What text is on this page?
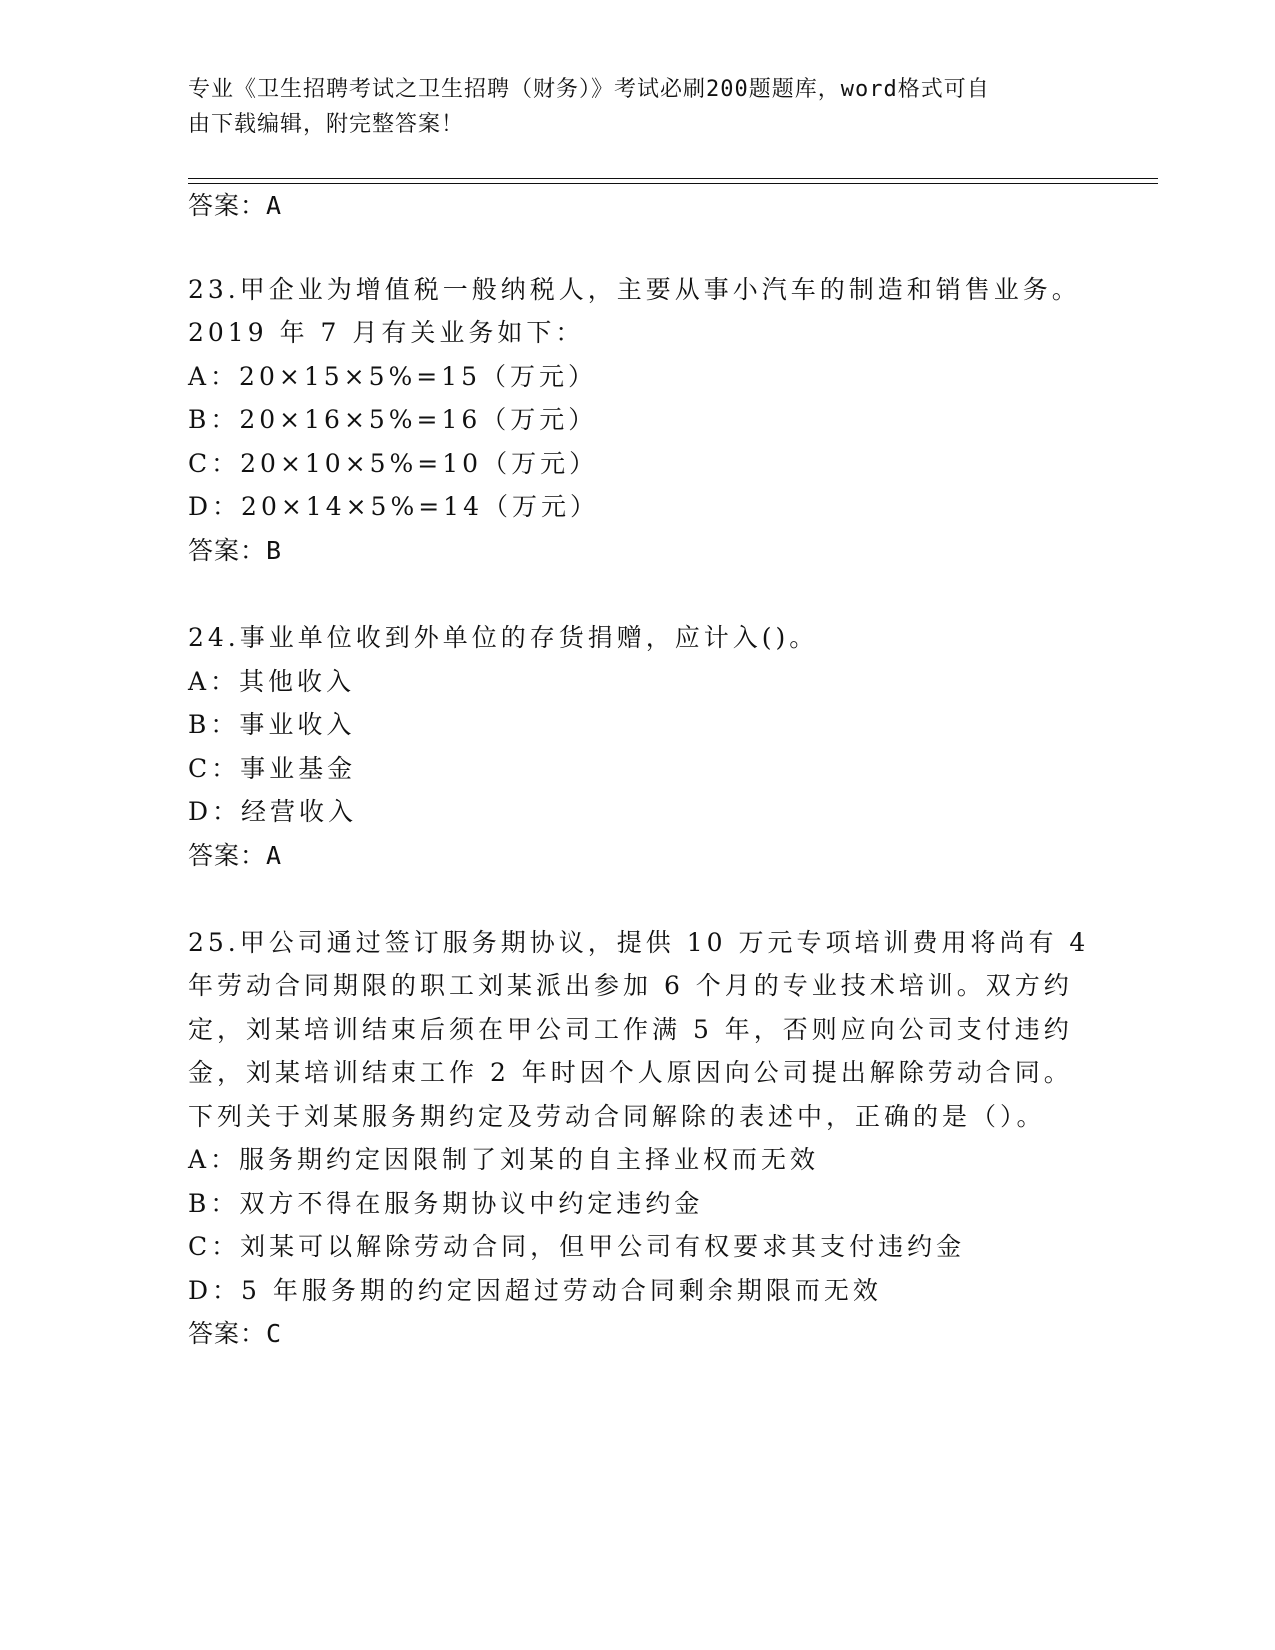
专业《卫生招聘考试之卫生招聘（财务）》考试必刷200题题库，word格式可自
由下载编辑，附完整答案！
答案：A
23.甲企业为增值税一般纳税人，主要从事小汽车的制造和销售业务。
2019 年 7 月有关业务如下：
A：20×15×5%=15（万元）
B：20×16×5%=16（万元）
C：20×10×5%=10（万元）
D：20×14×5%=14（万元）
答案：B
24.事业单位收到外单位的存货捐赠，应计入()。
A：其他收入
B：事业收入
C：事业基金
D：经营收入
答案：A
25.甲公司通过签订服务期协议，提供 10 万元专项培训费用将尚有 4
年劳动合同期限的职工刘某派出参加 6 个月的专业技术培训。双方约
定，刘某培训结束后须在甲公司工作满 5 年，否则应向公司支付违约
金，刘某培训结束工作 2 年时因个人原因向公司提出解除劳动合同。
下列关于刘某服务期约定及劳动合同解除的表述中，正确的是（）。
A：服务期约定因限制了刘某的自主择业权而无效
B：双方不得在服务期协议中约定违约金
C：刘某可以解除劳动合同，但甲公司有权要求其支付违约金
D：5 年服务期的约定因超过劳动合同剩余期限而无效
答案：C
